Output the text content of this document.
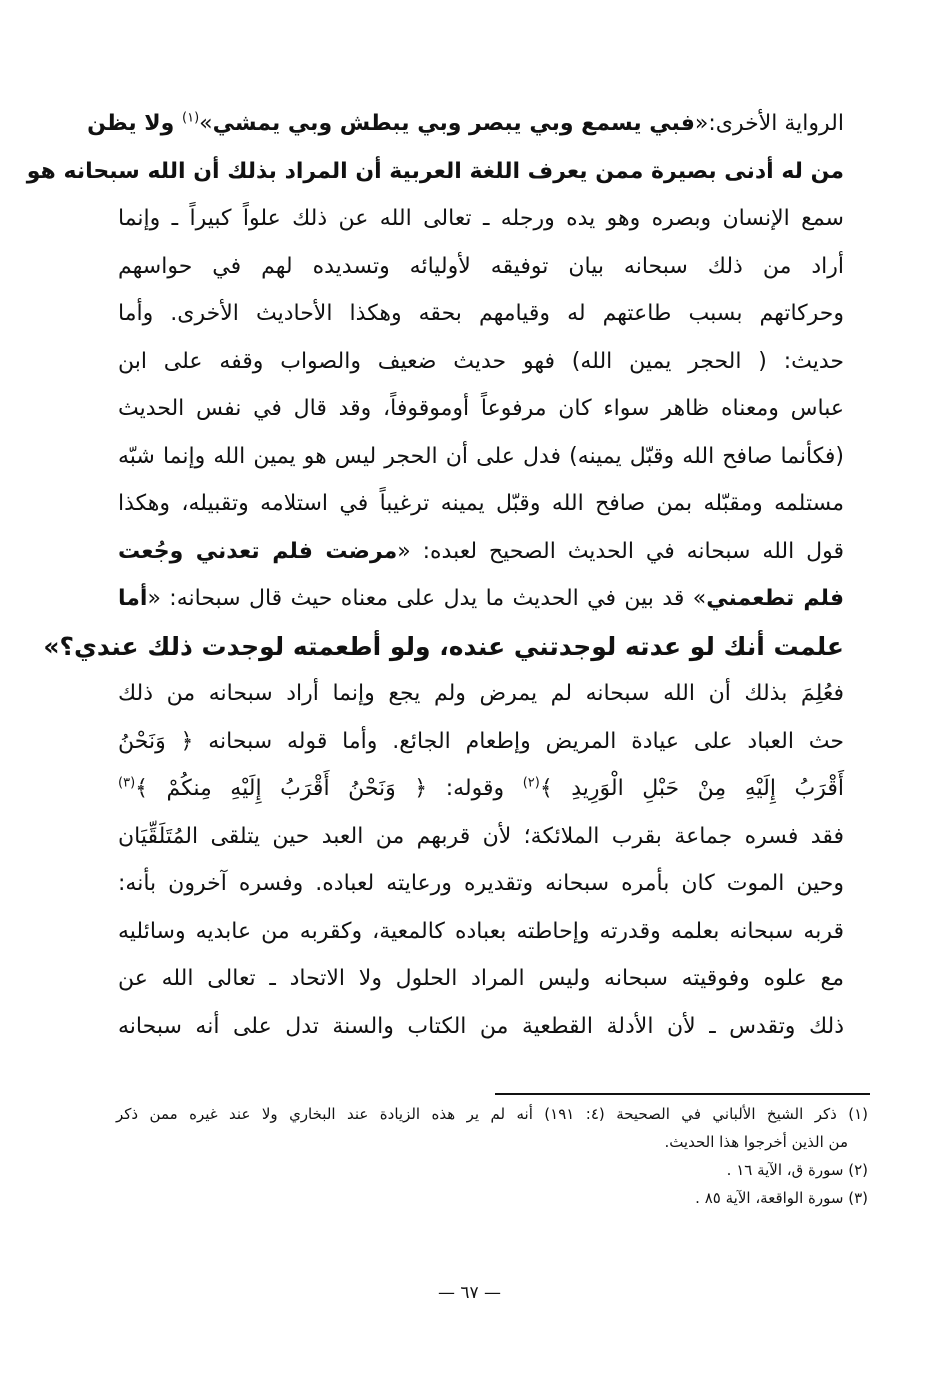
الرواية الأخرى:«فبي يسمع وبي يبصر وبي يبطش وبي يمشي»$^{(١)}$ ولا يظن
من له أدنى بصيرة ممن يعرف اللغة العربية أن المراد بذلك أن الله سبحانه هو
سمع الإنسان وبصره وهو يده ورجله ـ تعالى الله عن ذلك علواً كبيراً ـ وإنما
أراد من ذلك سبحانه بيان توفيقه لأوليائه وتسديده لهم في حواسهم
وحركاتهم بسبب طاعتهم له وقيامهم بحقه وهكذا الأحاديث الأخرى. وأما
حديث: ( الحجر يمين الله) فهو حديث ضعيف والصواب وقفه على ابن
عباس ومعناه ظاهر سواء كان مرفوعاً أوموقوفاً، وقد قال في نفس الحديث
(فكأنما صافح الله وقبّل يمينه) فدل على أن الحجر ليس هو يمين الله وإنما شبّه
مستلمه ومقبّله بمن صافح الله وقبّل يمينه ترغيباً في استلامه وتقبيله، وهكذا
قول الله سبحانه في الحديث الصحيح لعبده: «مرضت فلم تعدني وجُعت
فلم تطعمني» قد بين في الحديث ما يدل على معناه حيث قال سبحانه: «أما
علمت أنك لو عدته لوجدتني عنده، ولو أطعمته لوجدت ذلك عندي؟»
فعُلِمَ بذلك أن الله سبحانه لم يمرض ولم يجع وإنما أراد سبحانه من ذلك
حث العباد على عيادة المريض وإطعام الجائع. وأما قوله سبحانه ﴿ وَنَحْنُ
أَقْرَبُ إِلَيْهِ مِنْ حَبْلِ الْوَرِيدِ ﴾$^{(٢)}$ وقوله: ﴿ وَنَحْنُ أَقْرَبُ إِلَيْهِ مِنكُمْ ﴾$^{(٣)}$
فقد فسره جماعة بقرب الملائكة؛ لأن قربهم من العبد حين يتلقى المُتَلَقِّيَان
وحين الموت كان بأمره سبحانه وتقديره ورعايته لعباده. وفسره آخرون بأنه:
قربه سبحانه بعلمه وقدرته وإحاطته بعباده كالمعية، وكقربه من عابديه وسائليه
مع علوه وفوقيته سبحانه وليس المراد الحلول ولا الاتحاد ـ تعالى الله عن
ذلك وتقدس ـ لأن الأدلة القطعية من الكتاب والسنة تدل على أنه سبحانه
(١) ذكر الشيخ الألباني في الصحيحة (٤: ١٩١) أنه لم ير هذه الزيادة عند البخاري ولا عند غيره ممن ذكر
من الذين أخرجوا هذا الحديث.
(٢) سورة ق، الآية ١٦ .
(٣) سورة الواقعة، الآية ٨٥ .
— ٦٧ —
